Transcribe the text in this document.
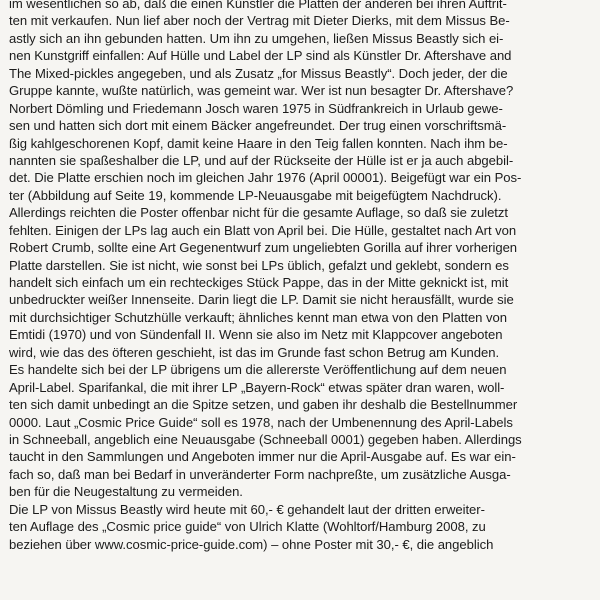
im wesentlichen so ab, daß die einen Künstler die Platten der anderen bei ihren Auftrit-
ten mit verkaufen. Nun lief aber noch der Vertrag mit Dieter Dierks, mit dem Missus Be-
astly sich an ihn gebunden hatten. Um ihn zu umgehen, ließen Missus Beastly sich ei-
nen Kunstgriff einfallen: Auf Hülle und Label der LP sind als Künstler Dr. Aftershave and
The Mixed-pickles angegeben, und als Zusatz „for Missus Beastly“. Doch jeder, der die
Gruppe kannte, wußte natürlich, was gemeint war. Wer ist nun besagter Dr. Aftershave?
Norbert Dömling und Friedemann Josch waren 1975 in Südfrankreich in Urlaub gewe-
sen und hatten sich dort mit einem Bäcker angefreundet. Der trug einen vorschriftsmä-
ßig kahlgeschorenen Kopf, damit keine Haare in den Teig fallen konnten. Nach ihm be-
nannten sie spaßeshalber die LP, und auf der Rückseite der Hülle ist er ja auch abgebil-
det. Die Platte erschien noch im gleichen Jahr 1976 (April 00001). Beigefügt war ein Pos-
ter (Abbildung auf Seite 19, kommende LP-Neuausgabe mit beigefügtem Nachdruck).
Allerdings reichten die Poster offenbar nicht für die gesamte Auflage, so daß sie zuletzt
fehlten. Einigen der LPs lag auch ein Blatt von April bei. Die Hülle, gestaltet nach Art von
Robert Crumb, sollte eine Art Gegenentwurf zum ungeliebten Gorilla auf ihrer vorherigen
Platte darstellen. Sie ist nicht, wie sonst bei LPs üblich, gefalzt und geklebt, sondern es
handelt sich einfach um ein rechteckiges Stück Pappe, das in der Mitte geknickt ist, mit
unbedruckter weißer Innenseite. Darin liegt die LP. Damit sie nicht herausfällt, wurde sie
mit durchsichtiger Schutzhülle verkauft; ähnliches kennt man etwa von den Platten von
Emtidi (1970) und von Sündenfall II. Wenn sie also im Netz mit Klappcover angeboten
wird, wie das des öfteren geschieht, ist das im Grunde fast schon Betrug am Kunden.
Es handelte sich bei der LP übrigens um die allererste Veröffentlichung auf dem neuen
April-Label. Sparifankal, die mit ihrer LP „Bayern-Rock“ etwas später dran waren, woll-
ten sich damit unbedingt an die Spitze setzen, und gaben ihr deshalb die Bestellnummer
0000. Laut „Cosmic Price Guide“ soll es 1978, nach der Umbenennung des April-Labels
in Schneeball, angeblich eine Neuausgabe (Schneeball 0001) gegeben haben. Allerdings
taucht in den Sammlungen und Angeboten immer nur die April-Ausgabe auf. Es war ein-
fach so, daß man bei Bedarf in unveränderter Form nachpreßte, um zusätzliche Ausga-
ben für die Neugestaltung zu vermeiden.
Die LP von Missus Beastly wird heute mit 60,- € gehandelt laut der dritten erweiter-
ten Auflage des „Cosmic price guide“ von Ulrich Klatte (Wohltorf/Hamburg 2008, zu
beziehen über www.cosmic-price-guide.com) – ohne Poster mit 30,- €, die angeblich
